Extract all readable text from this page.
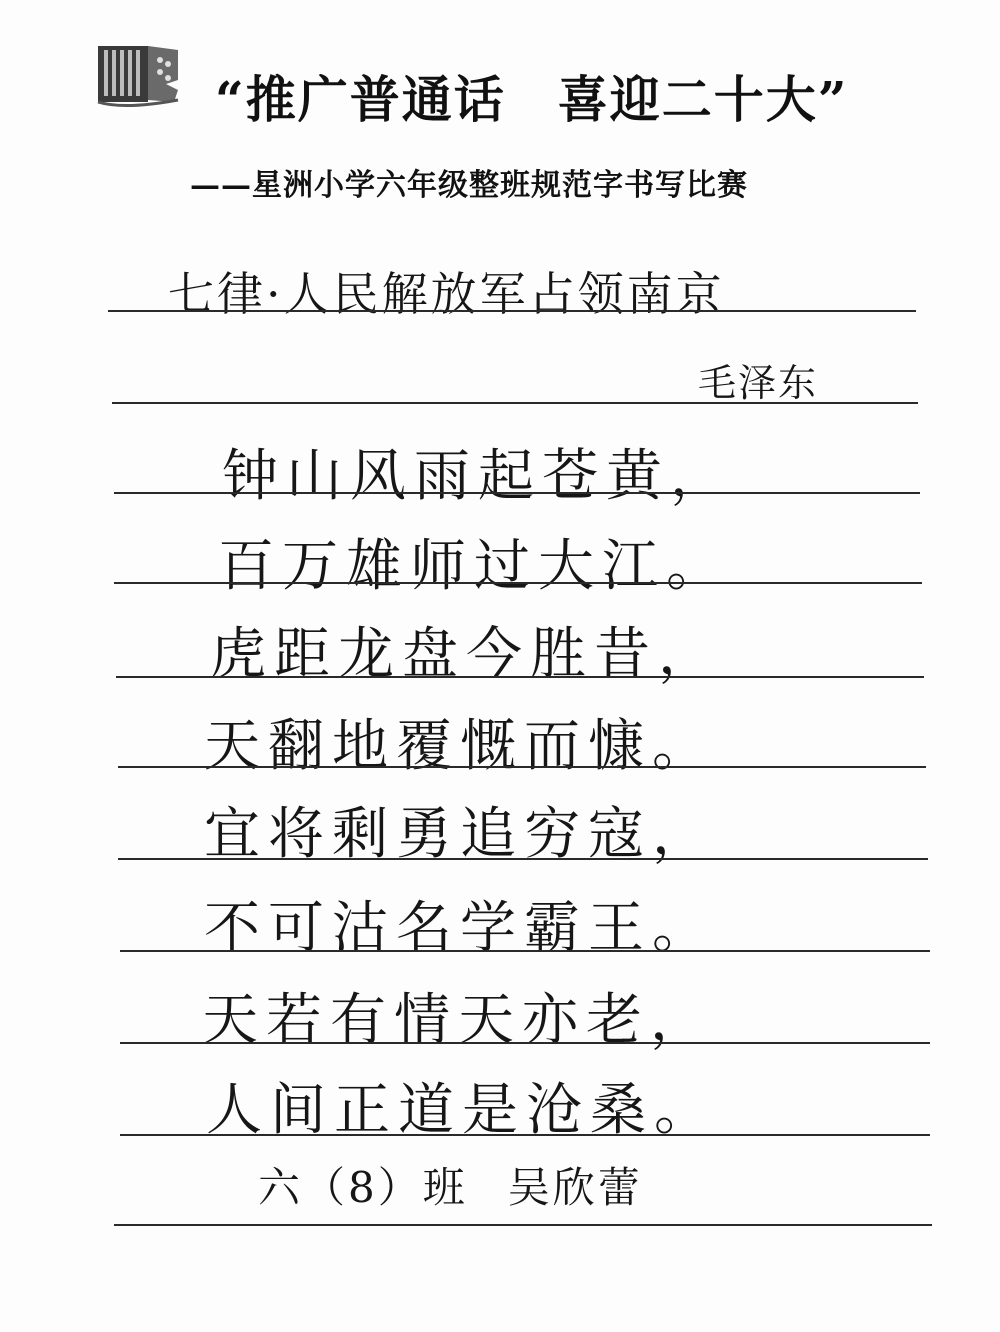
“推广普通话　喜迎二十大”
——星洲小学六年级整班规范字书写比赛
七律·人民解放军占领南京
毛泽东
钟山风雨起苍黄，
百万雄师过大江。
虎距龙盘今胜昔，
天翻地覆慨而慷。
宜将剩勇追穷寇，
不可沽名学霸王。
天若有情天亦老，
人间正道是沧桑。
六（8）班 吴欣蕾
